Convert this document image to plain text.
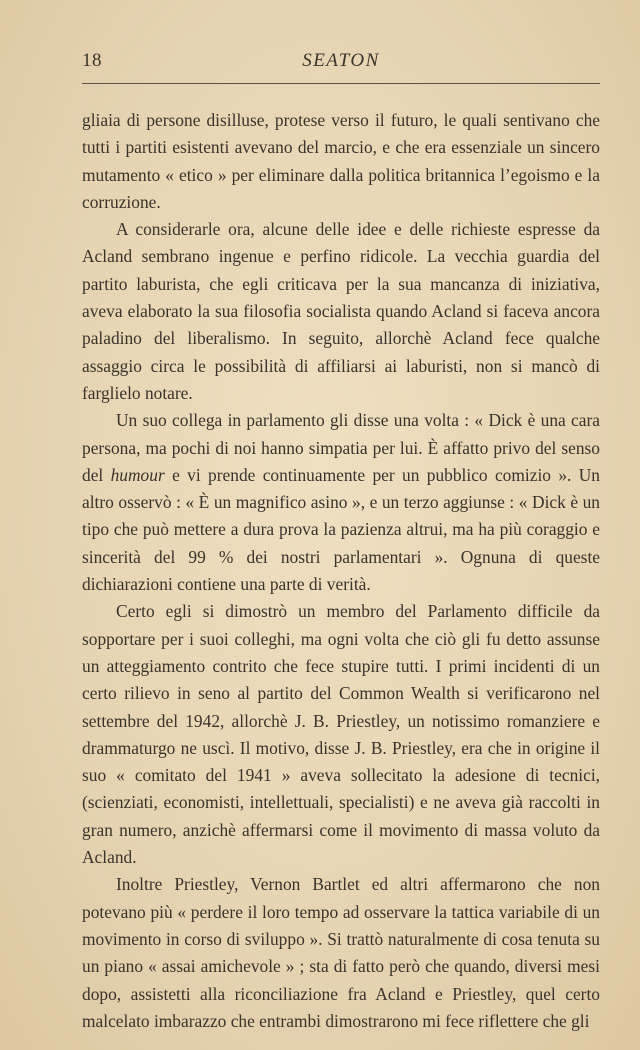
18	SEATON

gliaia di persone disilluse, protese verso il futuro, le quali sentivano che tutti i partiti esistenti avevano del marcio, e che era essenziale un sincero mutamento « etico » per eliminare dalla politica britannica l’egoismo e la corruzione.

A considerarle ora, alcune delle idee e delle richieste espresse da Acland sembrano ingenue e perfino ridicole. La vecchia guardia del partito laburista, che egli criticava per la sua mancanza di iniziativa, aveva elaborato la sua filosofia socialista quando Acland si faceva ancora paladino del liberalismo. In seguito, allorchè Acland fece qualche assaggio circa le possibilità di affiliarsi ai laburisti, non si mancò di farglielo notare.

Un suo collega in parlamento gli disse una volta : « Dick è una cara persona, ma pochi di noi hanno simpatia per lui. È affatto privo del senso del humour e vi prende continuamente per un pubblico comizio ». Un altro osservò : « È un magnifico asino », e un terzo aggiunse : « Dick è un tipo che può mettere a dura prova la pazienza altrui, ma ha più coraggio e sincerità del 99 % dei nostri parlamentari ». Ognuna di queste dichiarazioni contiene una parte di verità.

Certo egli si dimostrò un membro del Parlamento difficile da sopportare per i suoi colleghi, ma ogni volta che ciò gli fu detto assunse un atteggiamento contrito che fece stupire tutti. I primi incidenti di un certo rilievo in seno al partito del Common Wealth si verificarono nel settembre del 1942, allorchè J. B. Priestley, un notissimo romanziere e drammaturgo ne uscì. Il motivo, disse J. B. Priestley, era che in origine il suo « comitato del 1941 » aveva sollecitato la adesione di tecnici, (scienziati, economisti, intellettuali, specialisti) e ne aveva già raccolti in gran numero, anzichè affermarsi come il movimento di massa voluto da Acland.

Inoltre Priestley, Vernon Bartlet ed altri affermarono che non potevano più « perdere il loro tempo ad osservare la tattica variabile di un movimento in corso di sviluppo ». Si trattò naturalmente di cosa tenuta su un piano « assai amichevole » ; sta di fatto però che quando, diversi mesi dopo, assistetti alla riconciliazione fra Acland e Priestley, quel certo malcelato imbarazzo che entrambi dimostrarono mi fece riflettere che gli
